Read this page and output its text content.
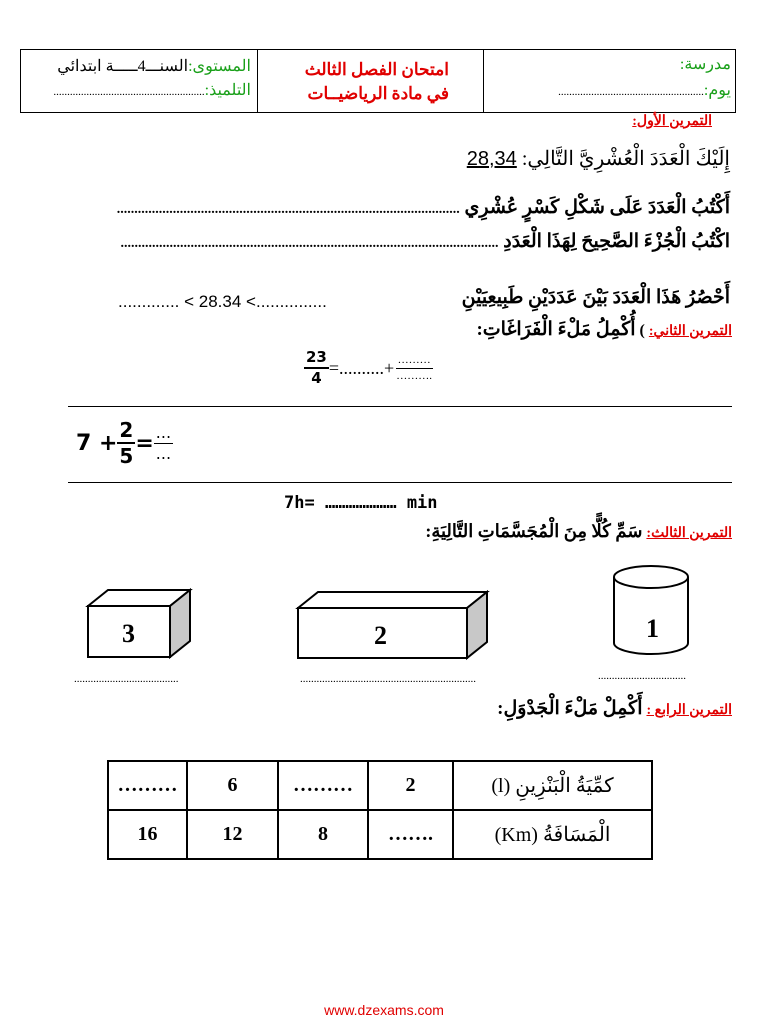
المستوى:السنـــ4ـــــة ابتدائي
التلميذ:.......................................................
امتحان الفصل الثالث
في مادة الرياضيــات
مدرسة:
يوم:.....................................................
التمرين الأول:
إِلَيْكَ الْعَدَدَ الْعُشْرِيَّ التَّالِي: 28,34
أَكْتُبُ الْعَدَدَ عَلَى شَكْلِ كَسْرٍ عُشْرِي ..................................................................................................
اكْتُبُ الْجُزْءَ الصَّحِيحَ لِهَذَا الْعَدَدِ ............................................................................................................
أَحْصُرُ هَذَا الْعَدَدَ بَيْنَ عَدَدَيْنِ طَبِيعِيَيْنِ
............. < 28.34 <...............
التمرين الثاني: ) أُكْمِلُ مَلْءَ الْفَرَاغَاتِ:
$\frac{23}{4}$ =..........+ $\frac{\dots\dots\dots}{\dots\dots\dots.}$
$7 + \frac{2}{5} = \frac{...}{...}$
7h= ………………… min
التمرين الثالث: سَمِّ كُلًّا مِنَ الْمُجَسَّمَاتِ التَّالِيَةِ:
1
2
3
................................
................................................................
......................................
التمرين الرابع : أَكْمِلْ مَلْءَ الْجَدْوَلِ:
………	6	………	2	كمِّيَةُ الْبَنْزِينِ (l)
16	12	8	…….	الْمَسَافَةُ (Km)
www.dzexams.com
